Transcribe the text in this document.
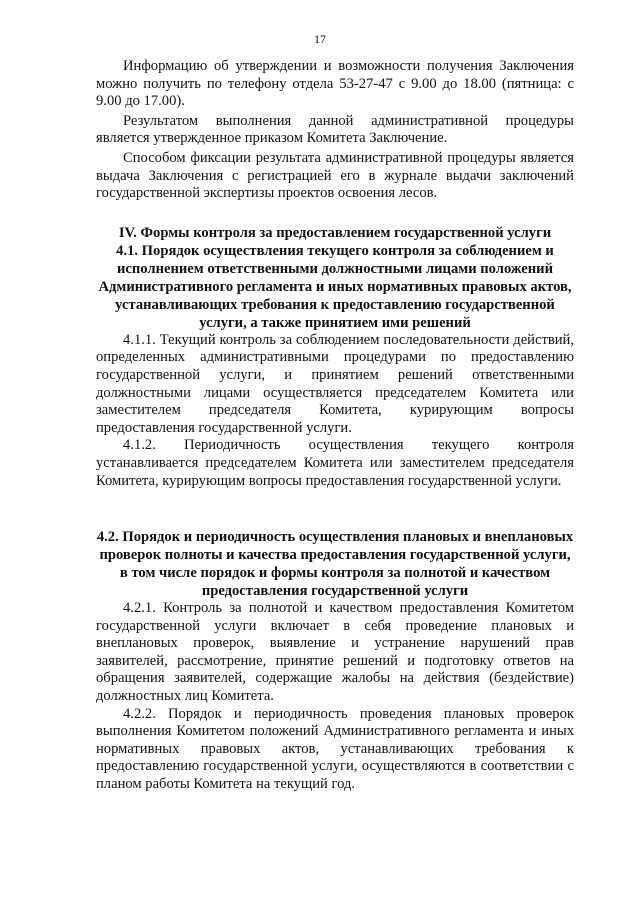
17

Информацию об утверждении и возможности получения Заключения можно получить по телефону отдела 53-27-47 с 9.00 до 18.00 (пятница: с 9.00 до 17.00).

Результатом выполнения данной административной процедуры является утвержденное приказом Комитета Заключение.

Способом фиксации результата административной процедуры является выдача Заключения с регистрацией его в журнале выдачи заключений государственной экспертизы проектов освоения лесов.

IV. Формы контроля за предоставлением государственной услуги
4.1. Порядок осуществления текущего контроля за соблюдением и исполнением ответственными должностными лицами положений Административного регламента и иных нормативных правовых актов, устанавливающих требования к предоставлению государственной услуги, а также принятием ими решений

4.1.1. Текущий контроль за соблюдением последовательности действий, определенных административными процедурами по предоставлению государственной услуги, и принятием решений ответственными должностными лицами осуществляется председателем Комитета или заместителем председателя Комитета, курирующим вопросы предоставления государственной услуги.

4.1.2. Периодичность осуществления текущего контроля устанавливается председателем Комитета или заместителем председателя Комитета, курирующим вопросы предоставления государственной услуги.

4.2. Порядок и периодичность осуществления плановых и внеплановых проверок полноты и качества предоставления государственной услуги, в том числе порядок и формы контроля за полнотой и качеством предоставления государственной услуги

4.2.1. Контроль за полнотой и качеством предоставления Комитетом государственной услуги включает в себя проведение плановых и внеплановых проверок, выявление и устранение нарушений прав заявителей, рассмотрение, принятие решений и подготовку ответов на обращения заявителей, содержащие жалобы на действия (бездействие) должностных лиц Комитета.

4.2.2. Порядок и периодичность проведения плановых проверок выполнения Комитетом положений Административного регламента и иных нормативных правовых актов, устанавливающих требования к предоставлению государственной услуги, осуществляются в соответствии с планом работы Комитета на текущий год.
